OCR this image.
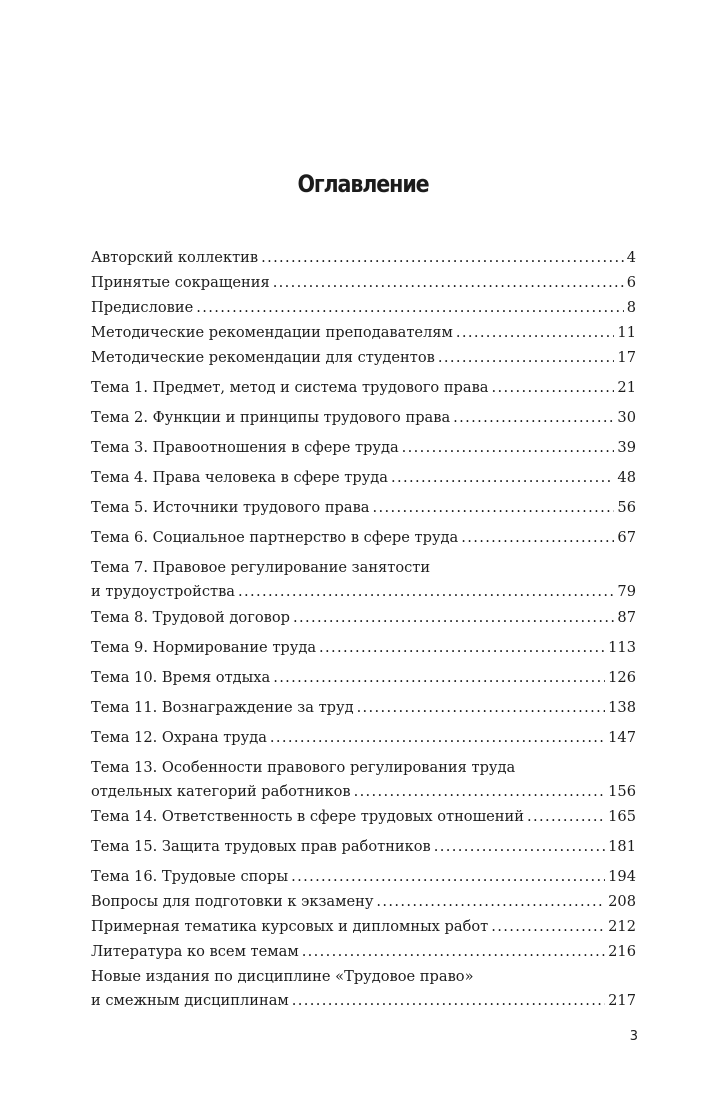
Оглавление
Авторский коллектив .....	4
Принятые сокращения .....	6
Предисловие .....	8
Методические рекомендации преподавателям .....	11
Методические рекомендации для студентов .....	17
Тема 1. Предмет, метод и система трудового права .....	21
Тема 2. Функции и принципы трудового права .....	30
Тема 3. Правоотношения в сфере труда .....	39
Тема 4. Права человека в сфере труда .....	48
Тема 5. Источники трудового права .....	56
Тема 6. Социальное партнерство в сфере труда .....	67
Тема 7. Правовое регулирование занятости
и трудоустройства .....	79
Тема 8. Трудовой договор .....	87
Тема 9. Нормирование труда .....	113
Тема 10. Время отдыха .....	126
Тема 11. Вознаграждение за труд .....	138
Тема 12. Охрана труда .....	147
Тема 13. Особенности правового регулирования труда
отдельных категорий работников .....	156
Тема 14. Ответственность в сфере трудовых отношений .....	165
Тема 15. Защита трудовых прав работников .....	181
Тема 16. Трудовые споры .....	194
Вопросы для подготовки к экзамену .....	208
Примерная тематика курсовых и дипломных работ .....	212
Литература ко всем темам .....	216
Новые издания по дисциплине «Трудовое право»
и смежным дисциплинам .....	217
3
